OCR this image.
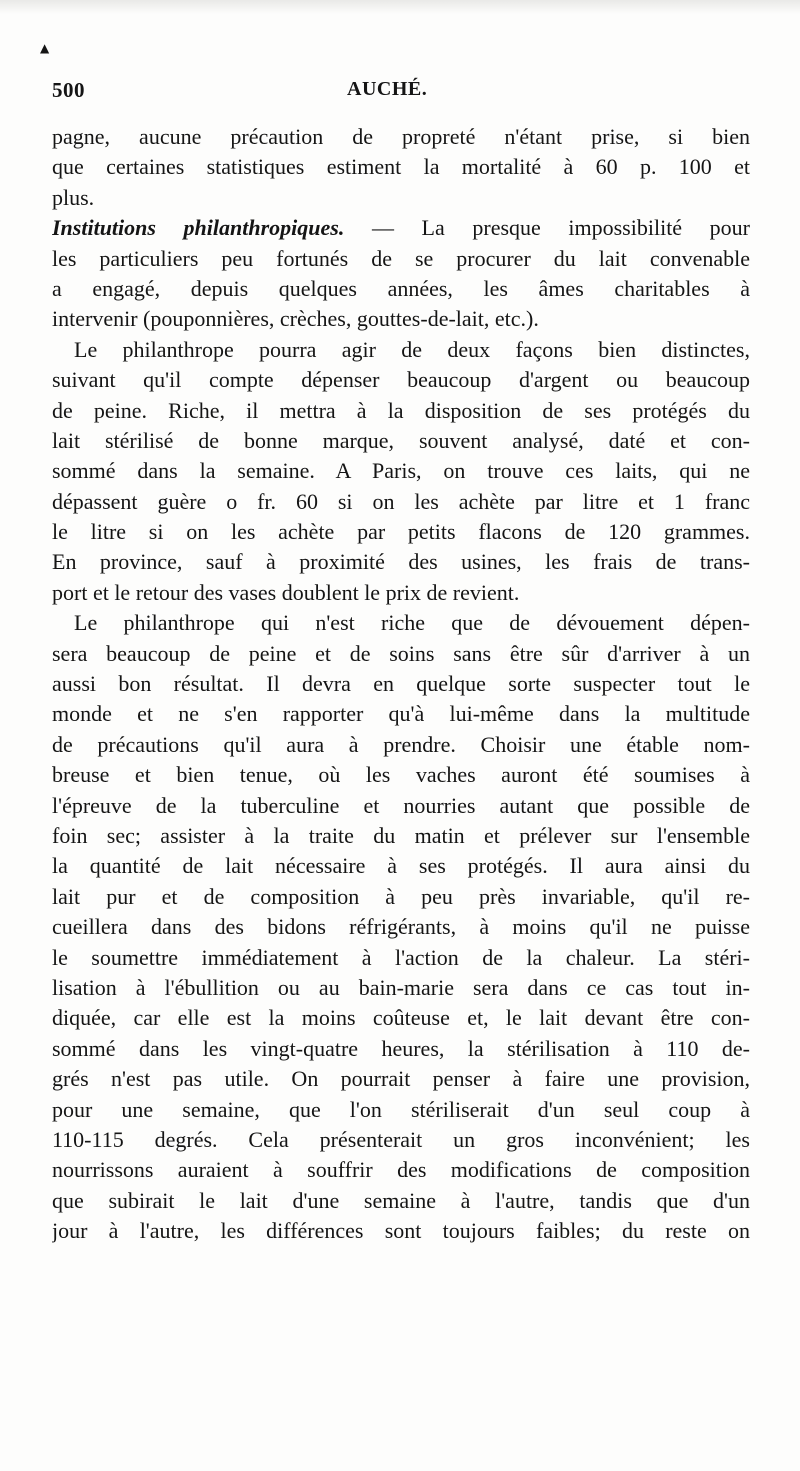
▲
500	AUCHÉ.
pagne, aucune précaution de propreté n'étant prise, si bien
que certaines statistiques estiment la mortalité à 60 p. 100 et
plus.
Institutions philanthropiques. — La presque impossibilité pour
les particuliers peu fortunés de se procurer du lait convenable
a engagé, depuis quelques années, les âmes charitables à
intervenir (pouponnières, crèches, gouttes-de-lait, etc.).
Le philanthrope pourra agir de deux façons bien distinctes,
suivant qu'il compte dépenser beaucoup d'argent ou beaucoup
de peine. Riche, il mettra à la disposition de ses protégés du
lait stérilisé de bonne marque, souvent analysé, daté et con-
sommé dans la semaine. A Paris, on trouve ces laits, qui ne
dépassent guère o fr. 60 si on les achète par litre et 1 franc
le litre si on les achète par petits flacons de 120 grammes.
En province, sauf à proximité des usines, les frais de trans-
port et le retour des vases doublent le prix de revient.
Le philanthrope qui n'est riche que de dévouement dépen-
sera beaucoup de peine et de soins sans être sûr d'arriver à un
aussi bon résultat. Il devra en quelque sorte suspecter tout le
monde et ne s'en rapporter qu'à lui-même dans la multitude
de précautions qu'il aura à prendre. Choisir une étable nom-
breuse et bien tenue, où les vaches auront été soumises à
l'épreuve de la tuberculine et nourries autant que possible de
foin sec; assister à la traite du matin et prélever sur l'ensemble
la quantité de lait nécessaire à ses protégés. Il aura ainsi du
lait pur et de composition à peu près invariable, qu'il re-
cueillera dans des bidons réfrigérants, à moins qu'il ne puisse
le soumettre immédiatement à l'action de la chaleur. La stéri-
lisation à l'ébullition ou au bain-marie sera dans ce cas tout in-
diquée, car elle est la moins coûteuse et, le lait devant être con-
sommé dans les vingt-quatre heures, la stérilisation à 110 de-
grés n'est pas utile. On pourrait penser à faire une provision,
pour une semaine, que l'on stériliserait d'un seul coup à
110-115 degrés. Cela présenterait un gros inconvénient; les
nourrissons auraient à souffrir des modifications de composition
que subirait le lait d'une semaine à l'autre, tandis que d'un
jour à l'autre, les différences sont toujours faibles; du reste on
